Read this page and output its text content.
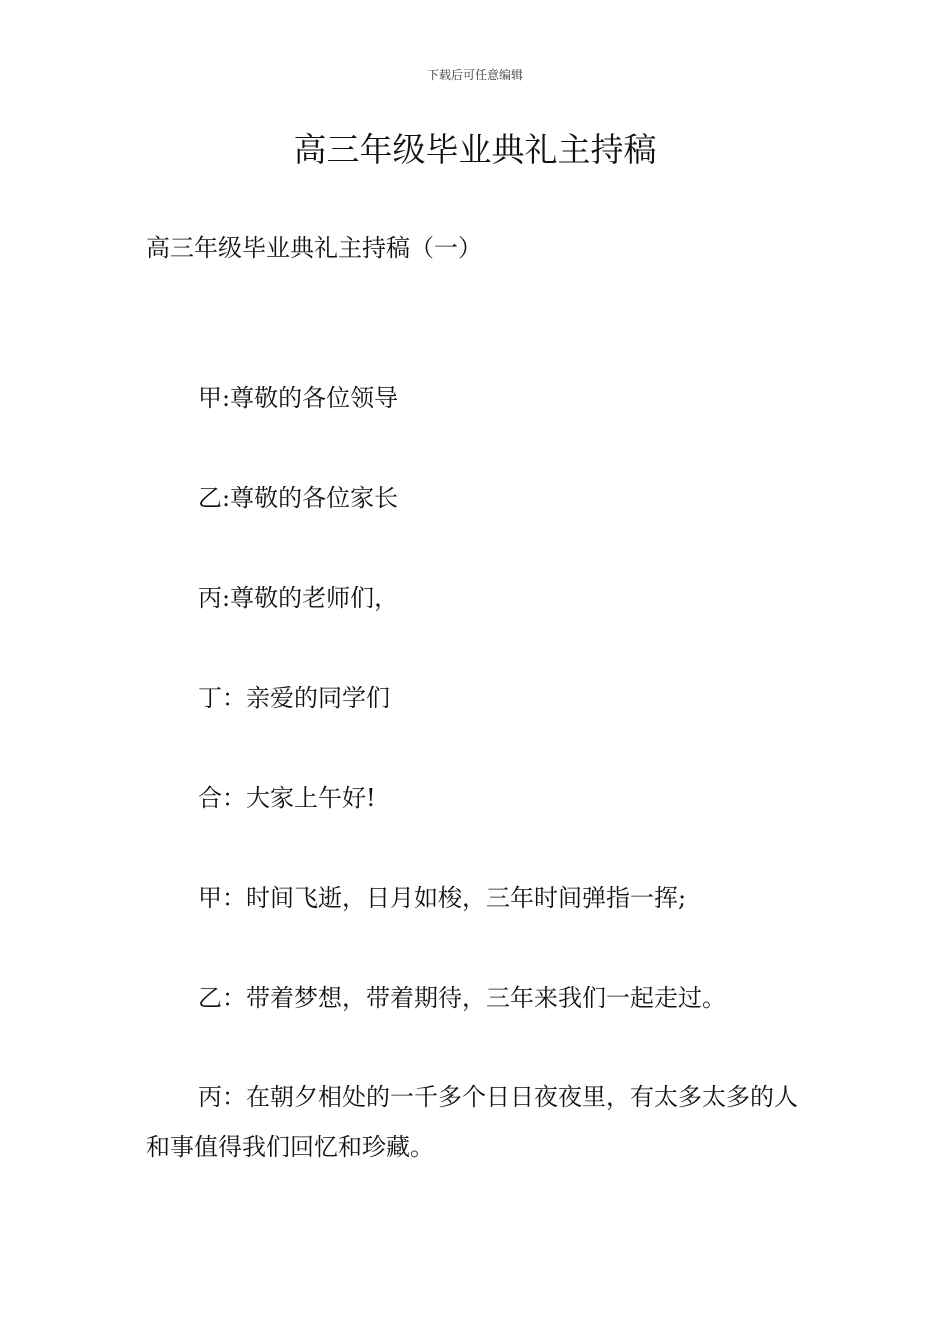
下载后可任意编辑
高三年级毕业典礼主持稿
高三年级毕业典礼主持稿（一）

甲:尊敬的各位领导

乙:尊敬的各位家长

丙:尊敬的老师们，

丁：亲爱的同学们

合：大家上午好!

甲：时间飞逝，日月如梭，三年时间弹指一挥;

乙：带着梦想，带着期待，三年来我们一起走过。

丙：在朝夕相处的一千多个日日夜夜里，有太多太多的人和事值得我们回忆和珍藏。
